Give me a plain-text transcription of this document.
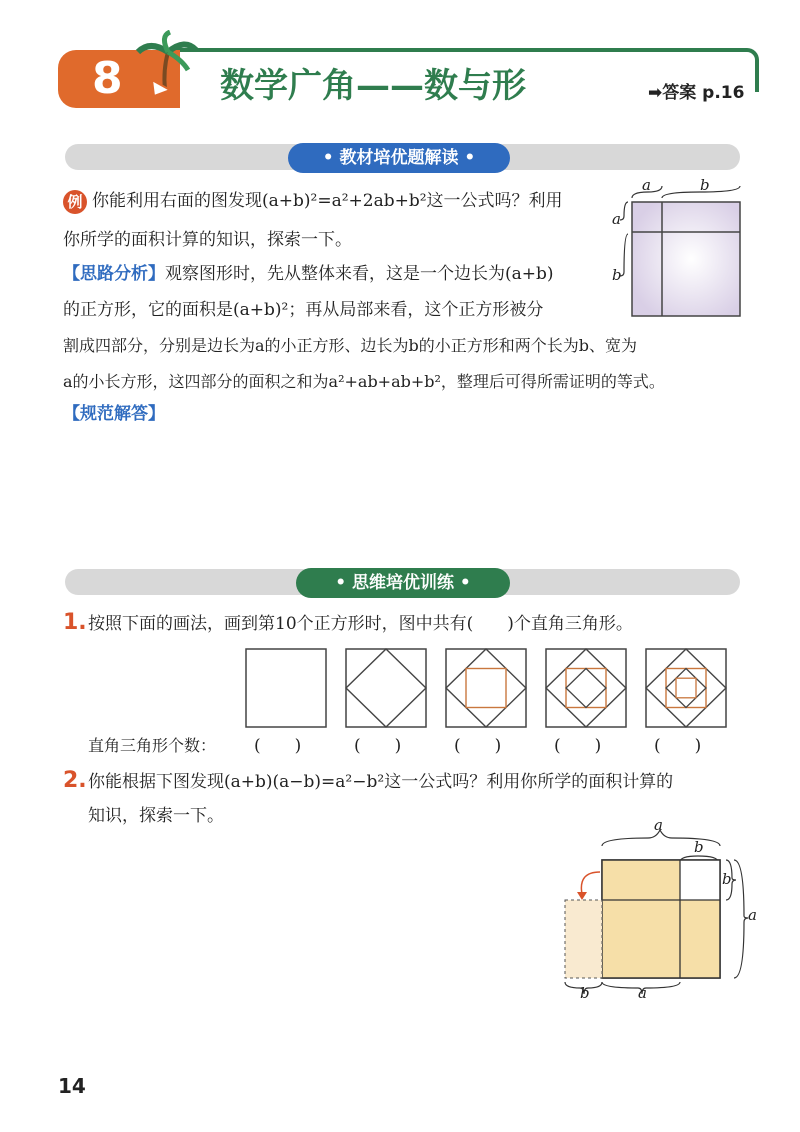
8	数学广角——数与形	➡答案 p.16
• 教材培优题解读 •
例 你能利用右面的图发现(a+b)²=a²+2ab+b²这一公式吗？利用
你所学的面积计算的知识，探索一下。
【思路分析】观察图形时，先从整体来看，这是一个边长为(a+b)
的正方形，它的面积是(a+b)²；再从局部来看，这个正方形被分
割成四部分，分别是边长为a的小正方形、边长为b的小正方形和两个长为b、宽为
a的小长方形，这四部分的面积之和为a²+ab+ab+b²，整理后可得所需证明的等式。
【规范解答】
a	b
a
b
• 思维培优训练 •
1. 按照下面的画法，画到第10个正方形时，图中共有(　　)个直角三角形。
直角三角形个数： (　　)	(　　)	(　　)	(　　)	(　　)
2. 你能根据下图发现(a+b)(a−b)=a²−b²这一公式吗？利用你所学的面积计算的
知识，探索一下。	a
b
b
a
b	a
14
